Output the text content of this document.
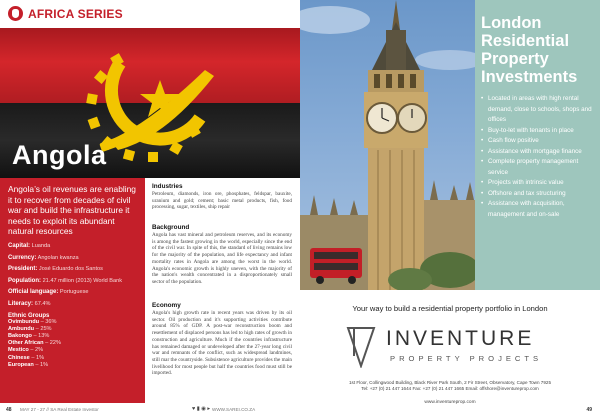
AFRICA SERIES
Angola
Angola’s oil revenues are enabling it to recover from decades of civil war and build the infrastructure it needs to exploit its abundant natural resources
Capital: Luanda
Currency: Angolan kwanza
President: José Eduardo dos Santos
Population: 21.47 million (2013) World Bank
Official language: Portuguese
Literacy: 67.4%
Ethnic Groups
Ovimbundu – 36%
Ambundu – 25%
Bakongo – 13%
Other African – 22%
Mestico – 2%
Chinese – 1%
European – 1%
Industries

Petroleum, diamonds, iron ore, phosphates, feldspar, bauxite, uranium and gold; cement; basic metal products, fish, food processing, sugar, textiles, ship repair

Background

Angola has vast mineral and petroleum reserves, and its economy is among the fastest growing in the world, especially since the end of the civil war. In spite of this, the standard of living remains low for the majority of the population, and life expectancy and infant mortality rates in Angola are among the worst in the world. Angola's economic growth is highly uneven, with the majority of the nation's wealth concentrated in a disproportionately small sector of the population.

Economy

Angola's high growth rate in recent years was driven by its oil sector. Oil production and it's supporting activities contribute around 85% of GDP. A post-war reconstruction boom and resettlement of displaced persons has led to high rates of growth in construction and agriculture. Much if the countries infrastructure has remained damaged or undeveloped after the 27-year long civil war and remnants of the conflict, such as widespread landmines, still mar the countryside. Subsistence agriculture provides the main livelihood for most people but half the countries food must still be imported.

48 MAY 27 - 27 // SA Real Estate Investor	♥ ▮ ◉ ▸ WWW.SAREI.CO.ZA
London Residential Property Investments
• Located in areas with high rental demand, close to schools, shops and offices
• Buy-to-let with tenants in place
• Cash flow positive
• Assistance with mortgage finance
• Complete property management service
• Projects with intrinsic value
• Offshore and tax structuring
• Assistance with acquisition, management and on-sale
Your way to build a residential property portfolio in London
INVENTURE
PROPERTY PROJECTS
1st Floor, Collingwood Building, Black River Park South, 2 Fir Street, Observatory, Cape Town 7925
Tel: +27 (0) 21 447 1644 Fax: +27 (0) 21 447 1665 Email: offshore@inventureprop.com
www.inventureprop.com
49
